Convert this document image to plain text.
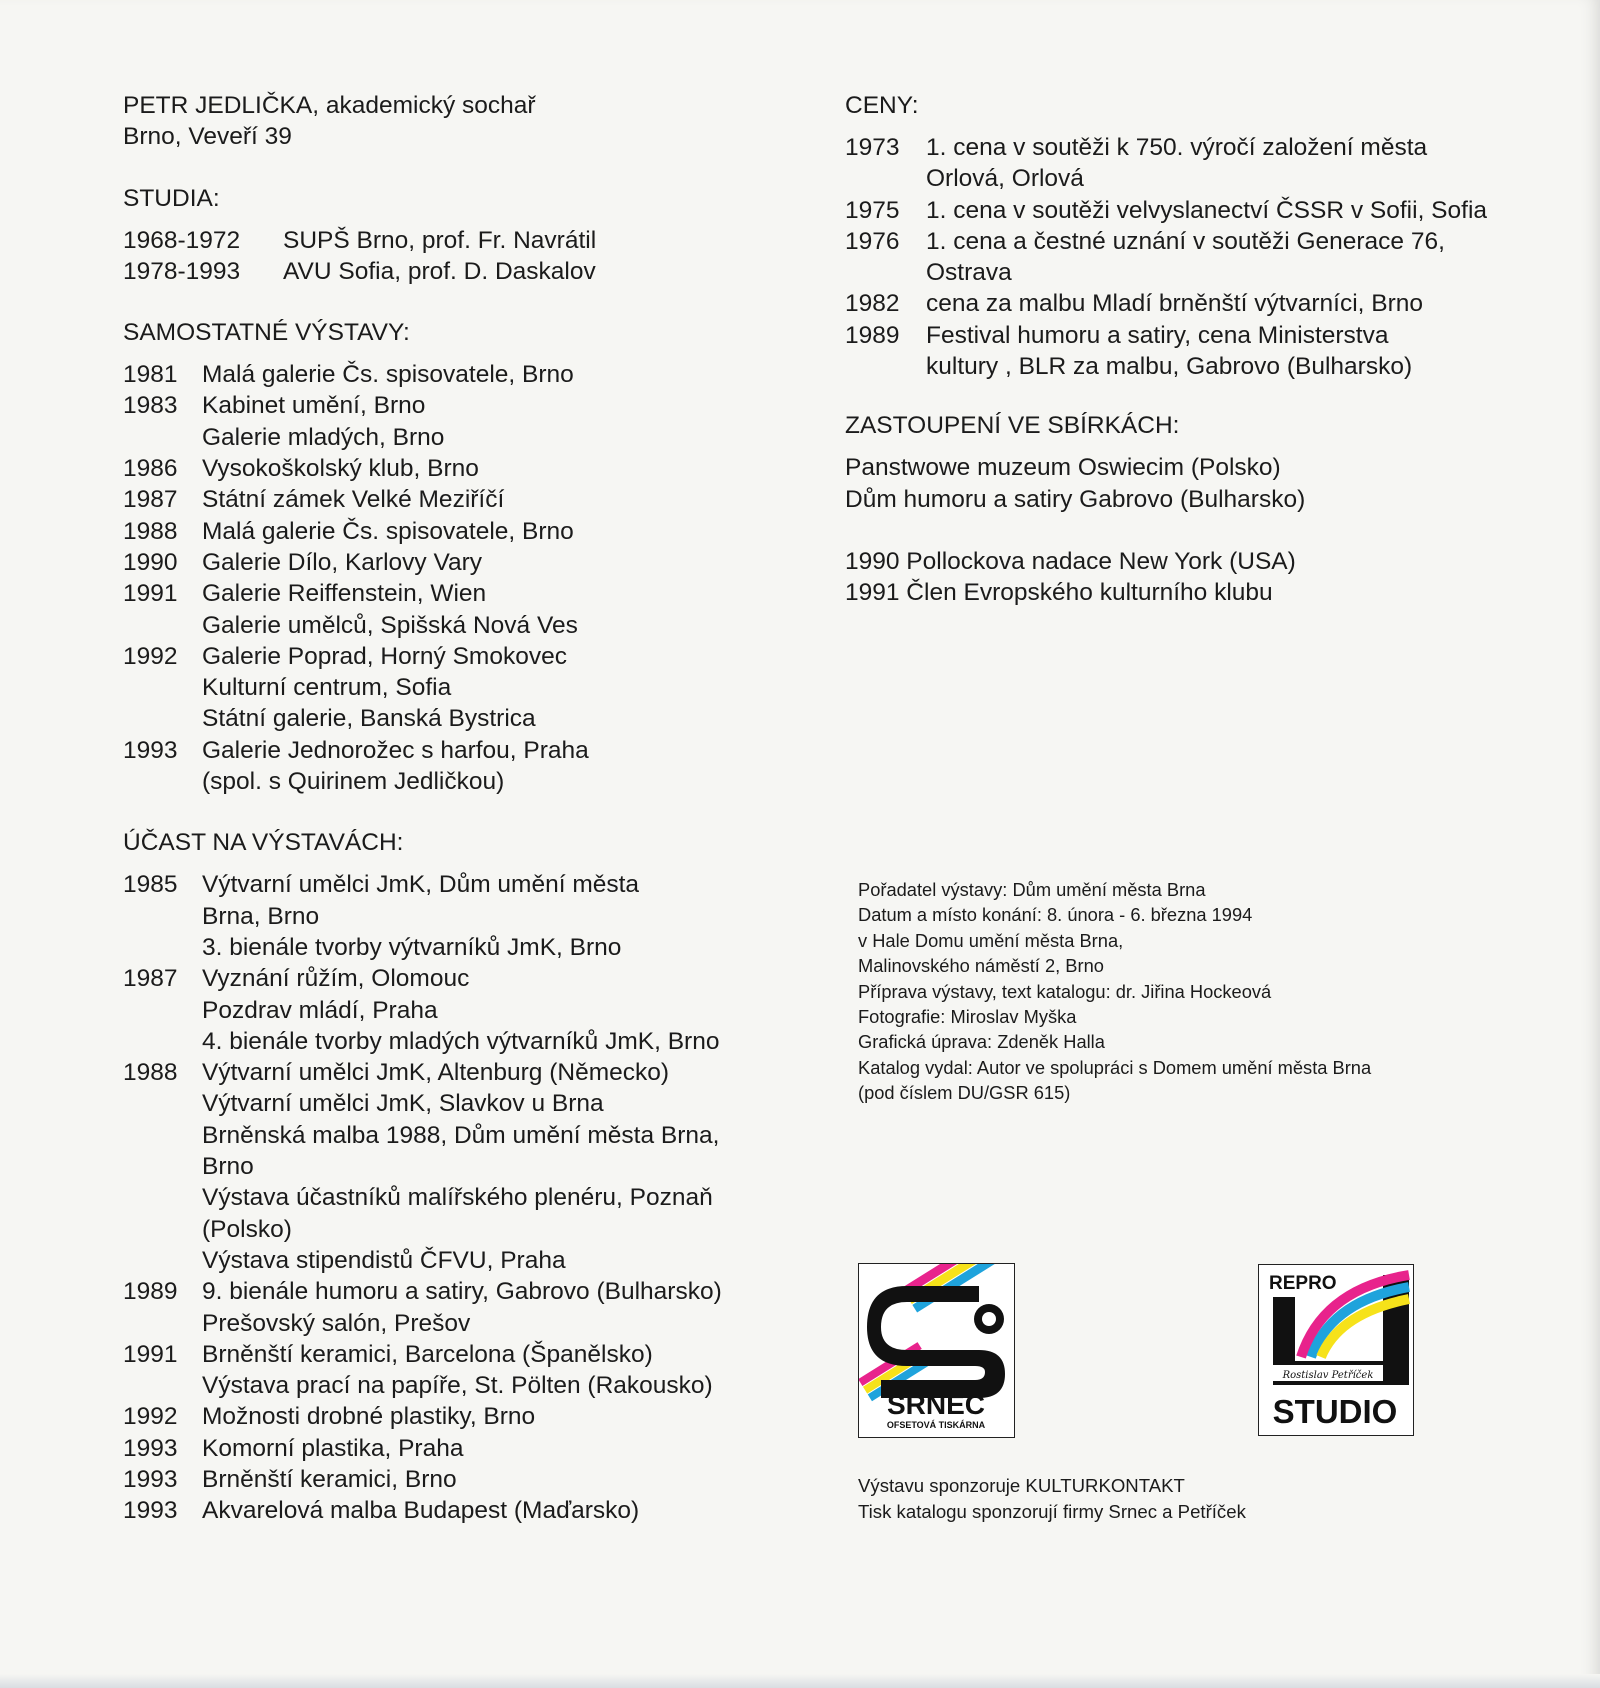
PETR JEDLIČKA, akademický sochař
Brno, Veveří 39
STUDIA:
1968-1972	SUPŠ Brno, prof. Fr. Navrátil
1978-1993	AVU Sofia, prof. D. Daskalov
SAMOSTATNÉ VÝSTAVY:
1981 Malá galerie Čs. spisovatele, Brno
1983 Kabinet umění, Brno
Galerie mladých, Brno
1986 Vysokoškolský klub, Brno
1987 Státní zámek Velké Meziříčí
1988 Malá galerie Čs. spisovatele, Brno
1990 Galerie Dílo, Karlovy Vary
1991 Galerie Reiffenstein, Wien
Galerie umělců, Spišská Nová Ves
1992 Galerie Poprad, Horný Smokovec
Kulturní centrum, Sofia
Státní galerie, Banská Bystrica
1993 Galerie Jednorožec s harfou, Praha
(spol. s Quirinem Jedličkou)
ÚČAST NA VÝSTAVÁCH:
1985 Výtvarní umělci JmK, Dům umění města Brna, Brno
3. bienále tvorby výtvarníků JmK, Brno
1987 Vyznání růžím, Olomouc
Pozdrav mládí, Praha
4. bienále tvorby mladých výtvarníků JmK, Brno
1988 Výtvarní umělci JmK, Altenburg (Německo)
Výtvarní umělci JmK, Slavkov u Brna
Brněnská malba 1988, Dům umění města Brna, Brno
Výstava účastníků malířského plenéru, Poznaň (Polsko)
Výstava stipendistů ČFVU, Praha
1989 9. bienále humoru a satiry, Gabrovo (Bulharsko)
Prešovský salón, Prešov
1991 Brněnští keramici, Barcelona (Španělsko)
Výstava prací na papíře, St. Pölten (Rakousko)
1992 Možnosti drobné plastiky, Brno
1993 Komorní plastika, Praha
1993 Brněnští keramici, Brno
1993 Akvarelová malba Budapest (Maďarsko)
CENY:
1973	1. cena v soutěži k 750. výročí založení města Orlová, Orlová
1975	1. cena v soutěži velvyslanectví ČSSR v Sofii, Sofia
1976	1. cena a čestné uznání v soutěži Generace 76, Ostrava
1982	cena za malbu Mladí brněnští výtvarníci, Brno
1989	Festival humoru a satiry, cena Ministerstva kultury , BLR za malbu, Gabrovo (Bulharsko)
ZASTOUPENÍ VE SBÍRKÁCH:
Panstwowe muzeum Oswiecim (Polsko)
Dům humoru a satiry Gabrovo (Bulharsko)
1990 Pollockova nadace New York (USA)
1991 Člen Evropského kulturního klubu
Pořadatel výstavy: Dům umění města Brna
Datum a místo konání: 8. února - 6. března 1994
v Hale Domu umění města Brna,
Malinovského náměstí 2, Brno
Příprava výstavy, text katalogu: dr. Jiřina Hockeová
Fotografie: Miroslav Myška
Grafická úprava: Zdeněk Halla
Katalog vydal: Autor ve spolupráci s Domem umění města Brna
(pod číslem DU/GSR 615)
SRNEC
OFSETOVÁ TISKÁRNA
REPRO
Rostislav Petříček
STUDIO
Výstavu sponzoruje KULTURKONTAKT
Tisk katalogu sponzorují firmy Srnec a Petříček
